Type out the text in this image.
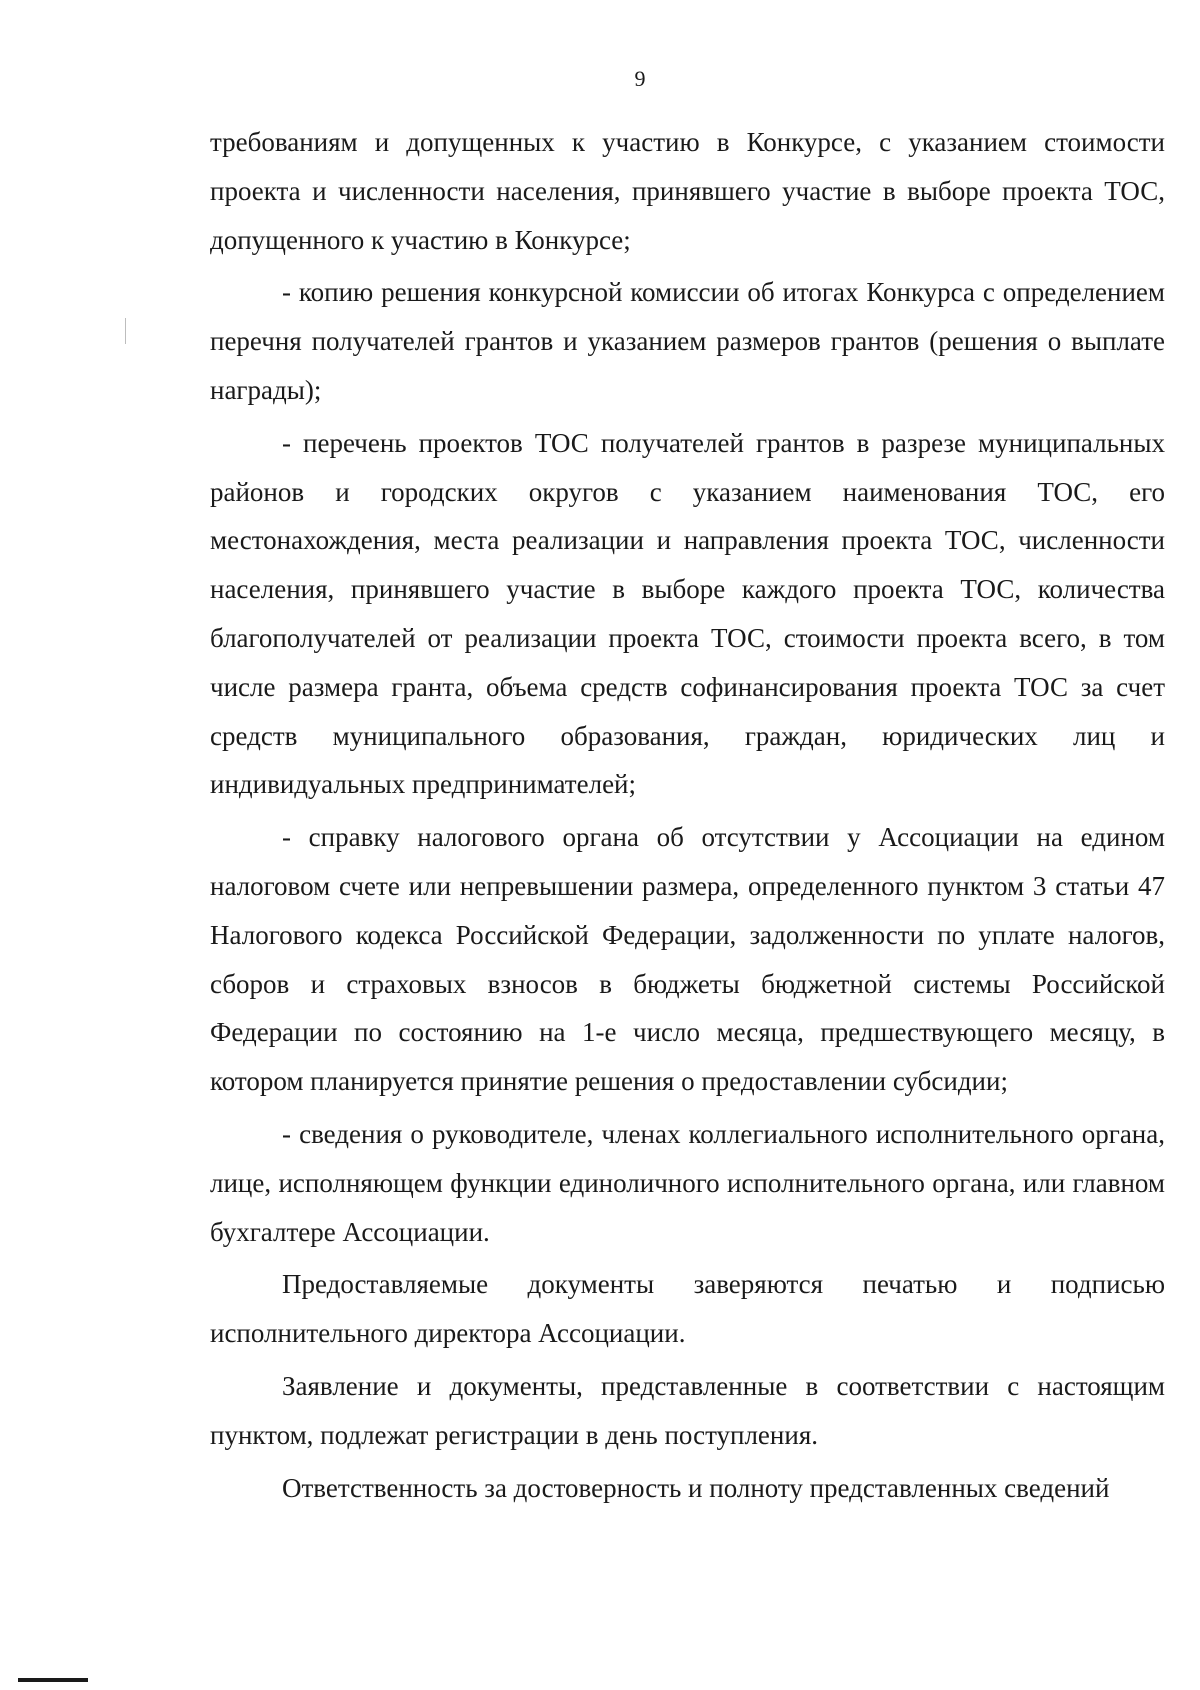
9

требованиям и допущенных к участию в Конкурсе, с указанием стоимости проекта и численности населения, принявшего участие в выборе проекта ТОС, допущенного к участию в Конкурсе;

- копию решения конкурсной комиссии об итогах Конкурса с определением перечня получателей грантов и указанием размеров грантов (решения о выплате награды);

- перечень проектов ТОС получателей грантов в разрезе муниципальных районов и городских округов с указанием наименования ТОС, его местонахождения, места реализации и направления проекта ТОС, численности населения, принявшего участие в выборе каждого проекта ТОС, количества благополучателей от реализации проекта ТОС, стоимости проекта всего, в том числе размера гранта, объема средств софинансирования проекта ТОС за счет средств муниципального образования, граждан, юридических лиц и индивидуальных предпринимателей;

- справку налогового органа об отсутствии у Ассоциации на едином налоговом счете или непревышении размера, определенного пунктом 3 статьи 47 Налогового кодекса Российской Федерации, задолженности по уплате налогов, сборов и страховых взносов в бюджеты бюджетной системы Российской Федерации по состоянию на 1-е число месяца, предшествующего месяцу, в котором планируется принятие решения о предоставлении субсидии;

- сведения о руководителе, членах коллегиального исполнительного органа, лице, исполняющем функции единоличного исполнительного органа, или главном бухгалтере Ассоциации.

Предоставляемые документы заверяются печатью и подписью исполнительного директора Ассоциации.

Заявление и документы, представленные в соответствии с настоящим пунктом, подлежат регистрации в день поступления.

Ответственность за достоверность и полноту представленных сведений
